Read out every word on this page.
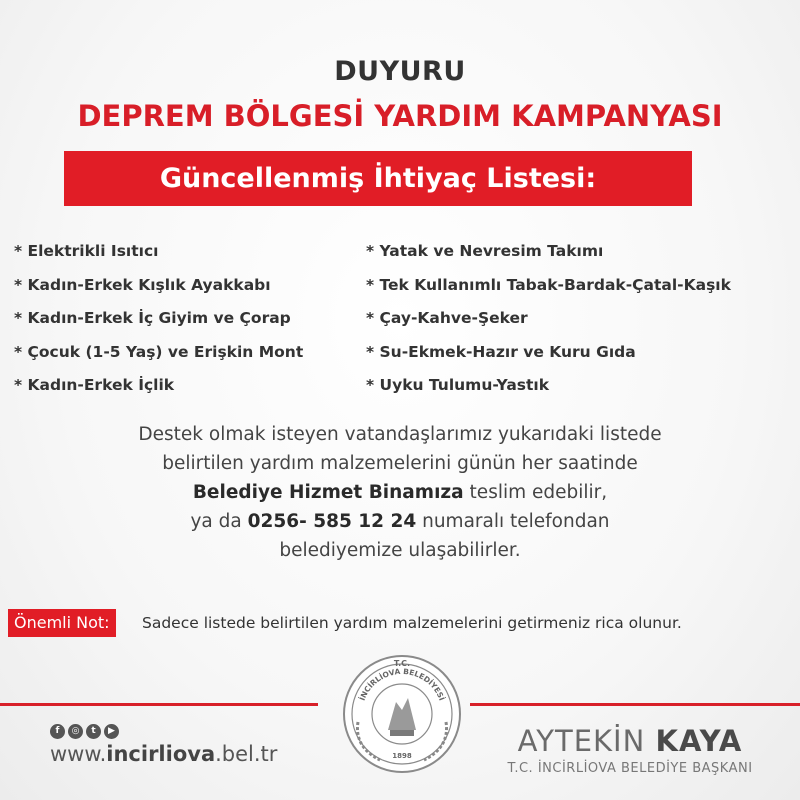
DUYURU
DEPREM BÖLGESİ YARDIM KAMPANYASI
Güncellenmiş İhtiyaç Listesi:
* Elektrikli Isıtıcı
* Kadın-Erkek Kışlık Ayakkabı
* Kadın-Erkek İç Giyim ve Çorap
* Çocuk (1-5 Yaş) ve Erişkin Mont
* Kadın-Erkek İçlik
* Yatak ve Nevresim Takımı
* Tek Kullanımlı Tabak-Bardak-Çatal-Kaşık
* Çay-Kahve-Şeker
* Su-Ekmek-Hazır ve Kuru Gıda
* Uyku Tulumu-Yastık
Destek olmak isteyen vatandaşlarımız yukarıdaki listede
belirtilen yardım malzemelerini günün her saatinde
Belediye Hizmet Binamıza teslim edebilir,
ya da 0256- 585 12 24 numaralı telefondan
belediyemize ulaşabilirler.
Önemli Not:	Sadece listede belirtilen yardım malzemelerini getirmeniz rica olunur.
f	◎	t	▶
www.incirliova.bel.tr
T.C.
İNCİRLİOVA BELEDİYESİ
1898	AYTEKİN KAYA
T.C. İNCİRLİOVA BELEDİYE BAŞKANI
